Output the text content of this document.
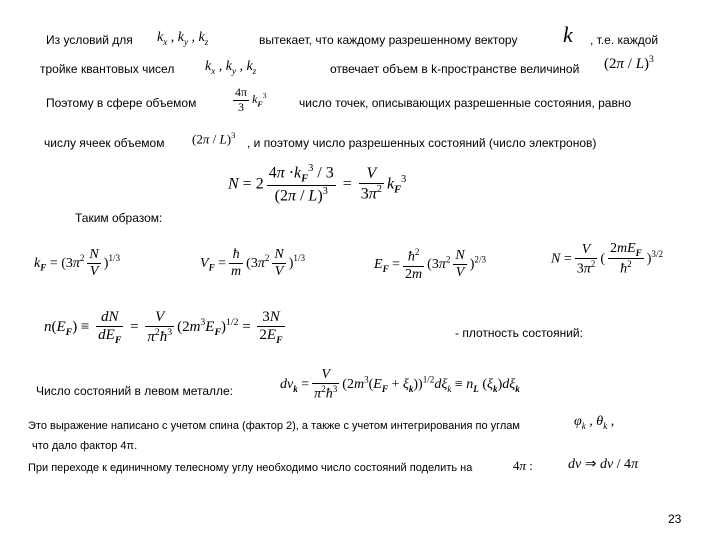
Из условий для $k_x$ , $k_y$ , $k_z$	вытекает, что каждому разрешенному вектору k , т.е. каждой
тройке квантовых чисел $k_x$ , $k_y$ , $k_z$	отвечает объем в k-пространстве величиной (2π / L)$^3$
Поэтому в сфере объемом	$\frac{4\pi}{3} k_F^3$
число точек, описывающих разрешенные состояния, равно
числу ячеек объемом (2π / L)$^3$
, и поэтому число разрешенных состояний (число электронов)
$N = 2 \frac{4\pi \cdot k_F^3 / 3}{(2\pi / L)^3} = \frac{V}{3\pi^2} k_F^3$
Таким образом:
$k_F = (3\pi^2 \frac{N}{V} )^{1/3}$	$V_F = \frac{ħ}{m} (3\pi^2 \frac{N}{V} )^{1/3}$	$E_F = \frac{ħ^2}{2m} (3\pi^2 \frac{N}{V} )^{2/3}$	$N = \frac{V}{3\pi^2}$ ( $\frac{2mE_F}{ħ^2} )^{3/2}$
$n(E_F) \equiv \frac{dN}{dE_F} = \frac{V}{\pi^2ħ^3} (2m^3E_F)^{1/2} = \frac{3N}{2E_F}$	- плотность состояний:
Число состояний в левом металле:	$d\nu_k = \frac{V}{\pi^2ħ^3} (2m^3(E_F + \xi_k))^{1/2}d\xi_k \equiv n_L$ $(\xi_k)d\xi_k$
Это выражение написано с учетом спина (фактор 2), а также с учетом интегрирования по углам	$\varphi_k$ , $\theta_k$ ,
что дало фактор 4π.
При переходе к единичному телесному углу необходимо число состояний поделить на	4π :	dν ⇒ dν / 4π
23
